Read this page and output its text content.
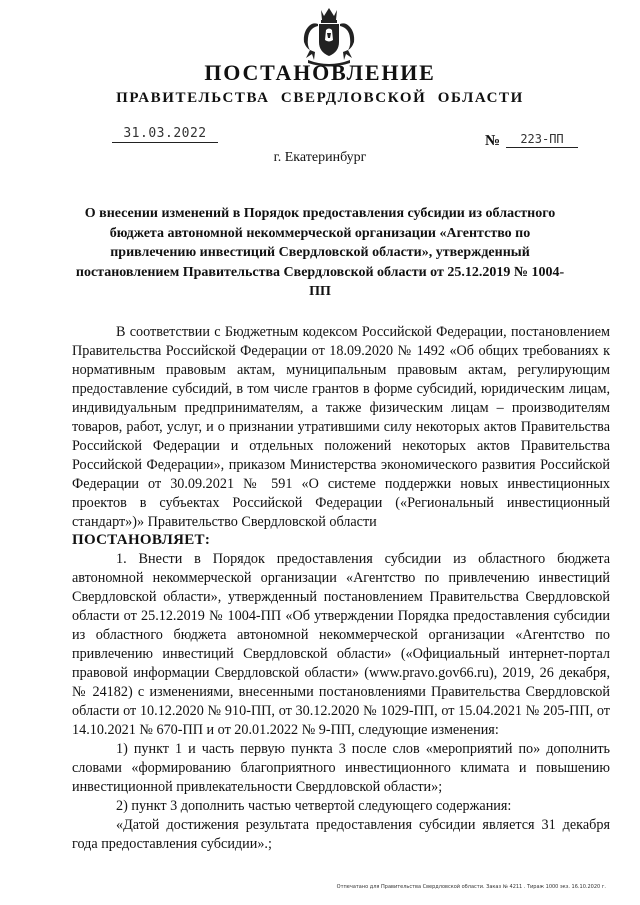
ПОСТАНОВЛЕНИЕ
ПРАВИТЕЛЬСТВА СВЕРДЛОВСКОЙ ОБЛАСТИ
31.03.2022	№	223-ПП
г. Екатеринбург
О внесении изменений в Порядок предоставления субсидии из областного бюджета автономной некоммерческой организации «Агентство по привлечению инвестиций Свердловской области», утвержденный постановлением Правительства Свердловской области от 25.12.2019 № 1004-ПП

В соответствии с Бюджетным кодексом Российской Федерации, постановлением Правительства Российской Федерации от 18.09.2020 № 1492 «Об общих требованиях к нормативным правовым актам, муниципальным правовым актам, регулирующим предоставление субсидий, в том числе грантов в форме субсидий, юридическим лицам, индивидуальным предпринимателям, а также физическим лицам – производителям товаров, работ, услуг, и о признании утратившими силу некоторых актов Правительства Российской Федерации и отдельных положений некоторых актов Правительства Российской Федерации», приказом Министерства экономического развития Российской Федерации от 30.09.2021 № 591 «О системе поддержки новых инвестиционных проектов в субъектах Российской Федерации («Региональный инвестиционный стандарт»)» Правительство Свердловской области

ПОСТАНОВЛЯЕТ:

1. Внести в Порядок предоставления субсидии из областного бюджета автономной некоммерческой организации «Агентство по привлечению инвестиций Свердловской области», утвержденный постановлением Правительства Свердловской области от 25.12.2019 № 1004-ПП «Об утверждении Порядка предоставления субсидии из областного бюджета автономной некоммерческой организации «Агентство по привлечению инвестиций Свердловской области» («Официальный интернет-портал правовой информации Свердловской области» (www.pravo.gov66.ru), 2019, 26 декабря, № 24182) с изменениями, внесенными постановлениями Правительства Свердловской области от 10.12.2020 № 910-ПП, от 30.12.2020 № 1029-ПП, от 15.04.2021 № 205-ПП, от 14.10.2021 № 670-ПП и от 20.01.2022 № 9-ПП, следующие изменения:

1) пункт 1 и часть первую пункта 3 после слов «мероприятий по» дополнить словами «формированию благоприятного инвестиционного климата и повышению инвестиционной привлекательности Свердловской области»;

2) пункт 3 дополнить частью четвертой следующего содержания:

«Датой достижения результата предоставления субсидии является 31 декабря года предоставления субсидии».;

Отпечатано для Правительства Свердловской области. Заказ № 4211 . Тираж 1000 экз. 16.10.2020 г.
